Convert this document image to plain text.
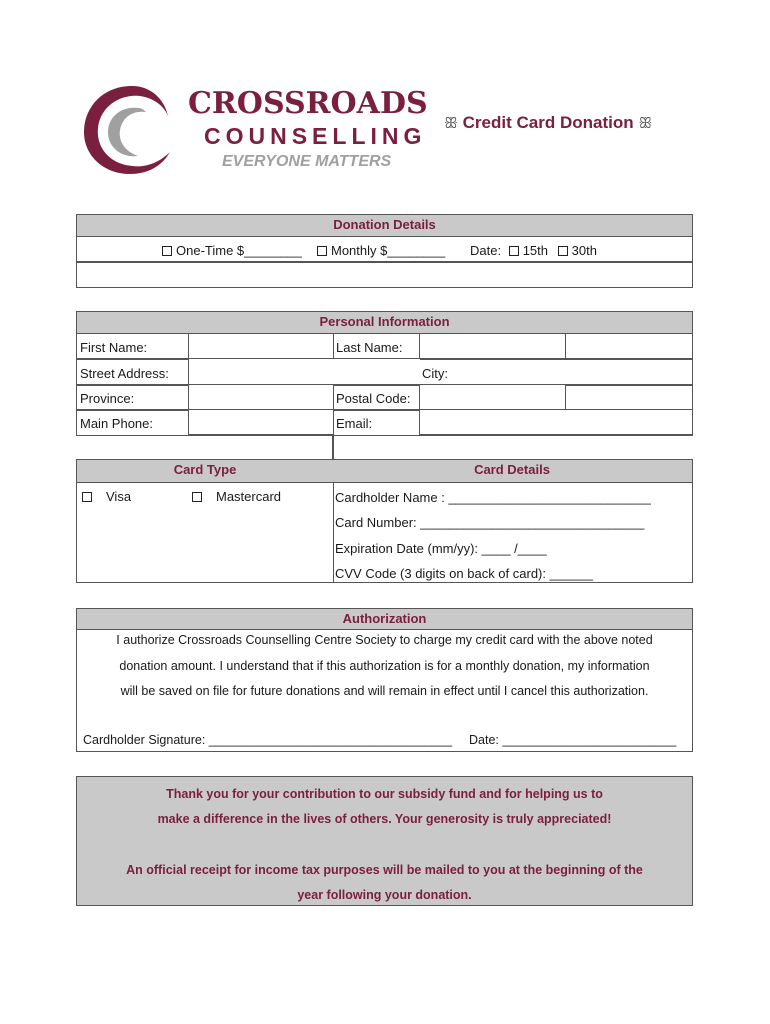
CROSSROADS
COUNSELLING
EVERYONE MATTERS
ꕥ Credit Card Donation ꕥ
Donation Details
One-Time $________	Monthly $________ Date: 15th 30th
Personal Information
First Name:	Last Name:
Street Address:	City:
Province:	Postal Code:
Main Phone:	Email:
Card Type
Visa	Mastercard
Card Details
Cardholder Name : ____________________________
Card Number: _______________________________
Expiration Date (mm/yy): ____ /____
CVV Code (3 digits on back of card): ______
Authorization
I authorize Crossroads Counselling Centre Society to charge my credit card with the above noted
donation amount. I understand that if this authorization is for a monthly donation, my information
will be saved on file for future donations and will remain in effect until I cancel this authorization.
Cardholder Signature: ___________________________________ Date: _________________________
Thank you for your contribution to our subsidy fund and for helping us to
make a difference in the lives of others. Your generosity is truly appreciated!
An official receipt for income tax purposes will be mailed to you at the beginning of the
year following your donation.
